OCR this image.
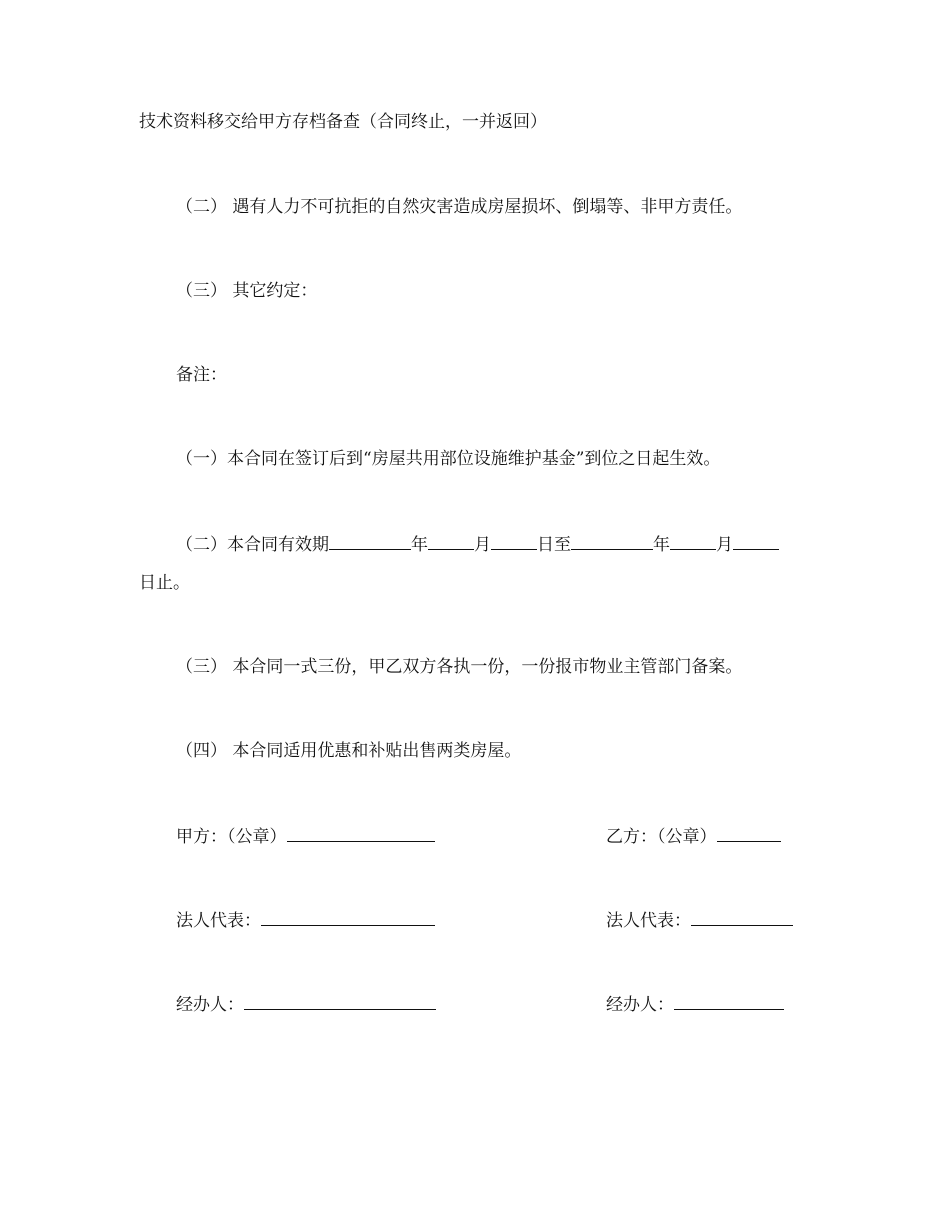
技术资料移交给甲方存档备查（合同终止，一并返回）
（二） 遇有人力不可抗拒的自然灾害造成房屋损坏、倒塌等、非甲方责任。
（三） 其它约定：
备注：
（一）本合同在签订后到“房屋共用部位设施维护基金”到位之日起生效。
（二）本合同有效期	年	月	日至	年	月
日止。
（三） 本合同一式三份，甲乙双方各执一份，一份报市物业主管部门备案。
（四） 本合同适用优惠和补贴出售两类房屋。
甲方：（公章）	乙方：（公章）
法人代表：	法人代表：
经办人：	经办人：
